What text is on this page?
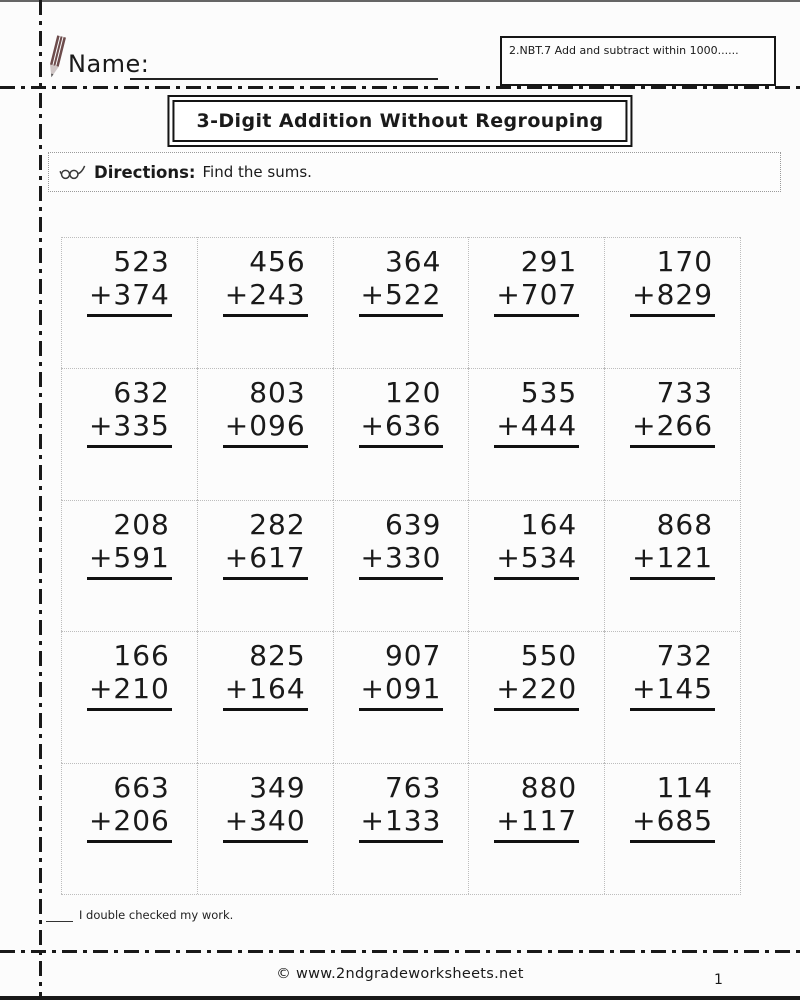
Name:	2.NBT.7 Add and subtract within 1000......
3-Digit Addition Without Regrouping
Directions: Find the sums.
523
+374
456
+243
364
+522
291
+707
170
+829
632
+335
803
+096
120
+636
535
+444
733
+266
208
+591
282
+617
639
+330
164
+534
868
+121
166
+210
825
+164
907
+091
550
+220
732
+145
663
+206
349
+340
763
+133
880
+117
114
+685
I double checked my work.
© www.2ndgradeworksheets.net	1
